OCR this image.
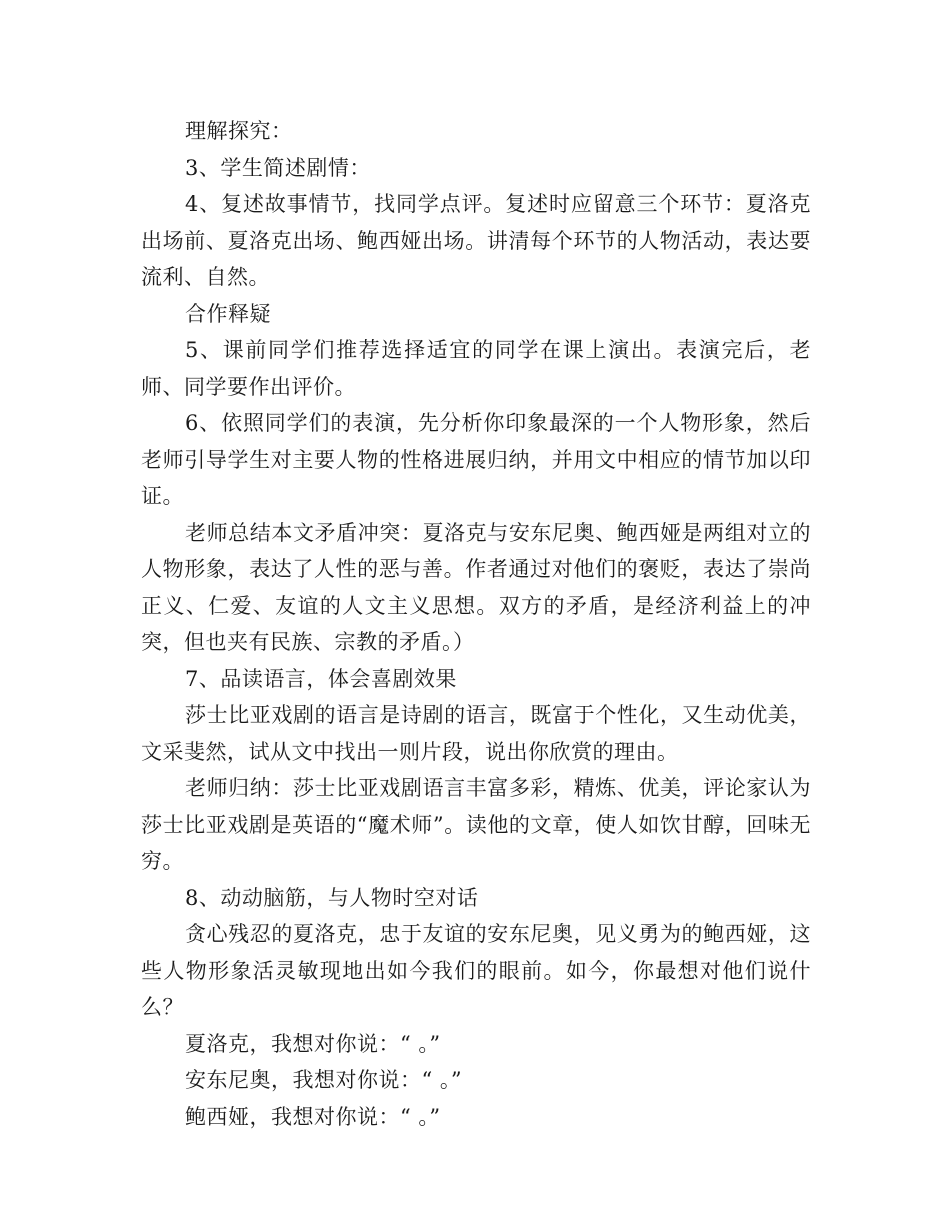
理解探究：

3、学生简述剧情：

4、复述故事情节，找同学点评。复述时应留意三个环节：夏洛克出场前、夏洛克出场、鲍西娅出场。讲清每个环节的人物活动，表达要流利、自然。

合作释疑

5、课前同学们推荐选择适宜的同学在课上演出。表演完后，老师、同学要作出评价。

6、依照同学们的表演，先分析你印象最深的一个人物形象，然后老师引导学生对主要人物的性格进展归纳，并用文中相应的情节加以印证。

老师总结本文矛盾冲突：夏洛克与安东尼奥、鲍西娅是两组对立的人物形象，表达了人性的恶与善。作者通过对他们的褒贬，表达了崇尚正义、仁爱、友谊的人文主义思想。双方的矛盾，是经济利益上的冲突，但也夹有民族、宗教的矛盾。）

7、品读语言，体会喜剧效果

莎士比亚戏剧的语言是诗剧的语言，既富于个性化，又生动优美，文采斐然，试从文中找出一则片段，说出你欣赏的理由。

老师归纳：莎士比亚戏剧语言丰富多彩，精炼、优美，评论家认为莎士比亚戏剧是英语的“魔术师”。读他的文章，使人如饮甘醇，回味无穷。

8、动动脑筋，与人物时空对话

贪心残忍的夏洛克，忠于友谊的安东尼奥，见义勇为的鲍西娅，这些人物形象活灵敏现地出如今我们的眼前。如今，你最想对他们说什么？

夏洛克，我想对你说：“ 。”

安东尼奥，我想对你说：“ 。”

鲍西娅，我想对你说：“ 。”
